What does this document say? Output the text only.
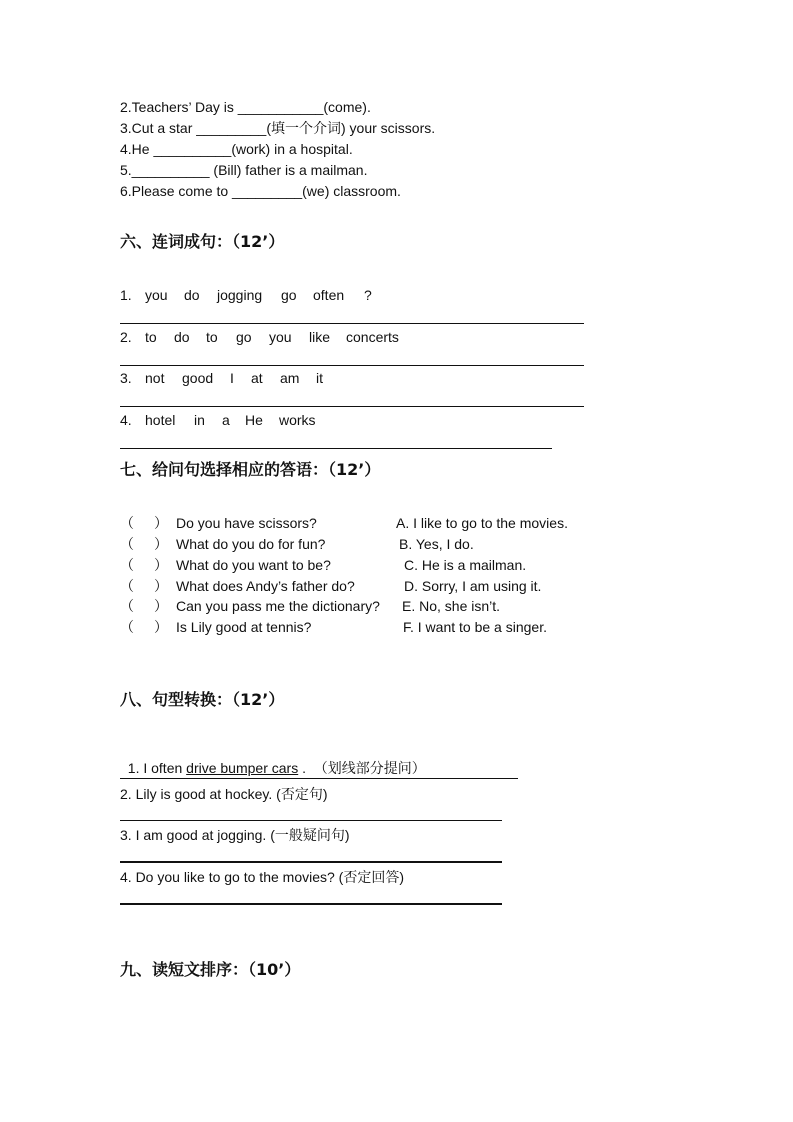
2.Teachers’ Day is ___________(come).
3.Cut a star _________(填一个介词) your scissors.
4.He __________(work) in a hospital.
5.__________ (Bill) father is a mailman.
6.Please come to _________(we) classroom.
六、连词成句：（12’）
1. you do jogging go often ?
2. to do to go you like concerts
3. not good I at am it
4. hotel in a He works
七、给问句选择相应的答语：（12’）
（ ） Do you have scissors?	A. I like to go to the movies.
（ ） What do you do for fun?	B. Yes, I do.
（ ） What do you want to be?	C. He is a mailman.
（ ） What does Andy’s father do?	D. Sorry, I am using it.
（ ） Can you pass me the dictionary? E. No, she isn’t.
（ ） Is Lily good at tennis?	F. I want to be a singer.
八、句型转换：（12’）

1. I often drive bumper cars .  （划线部分提问）

2. Lily is good at hockey. (否定句)
3. I am good at jogging. (一般疑问句)
4. Do you like to go to the movies? (否定回答)
九、读短文排序：（10’）
